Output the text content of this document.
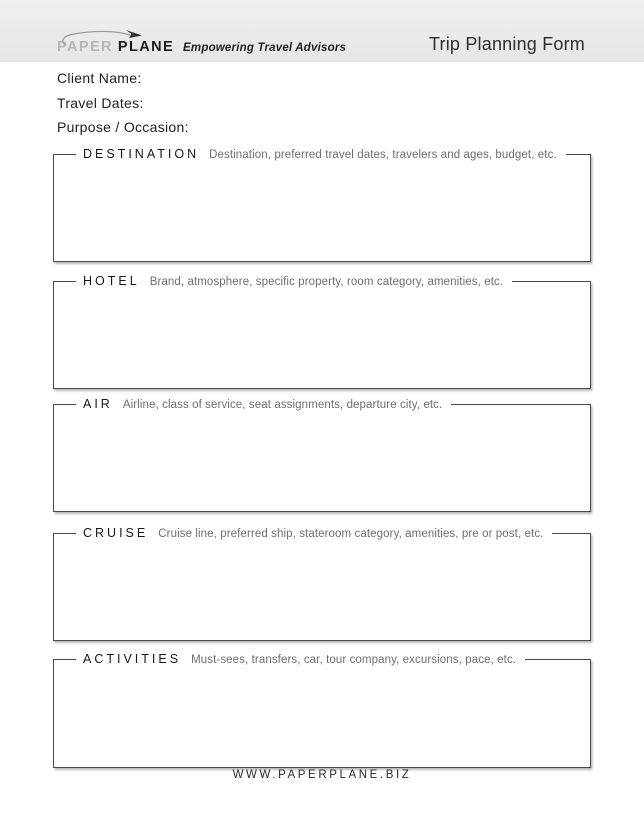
PAPER PLANE Empowering Travel Advisors	Trip Planning Form
Client Name:
Travel Dates:
Purpose / Occasion:
DESTINATION Destination, preferred travel dates, travelers and ages, budget, etc.
HOTEL Brand, atmosphere, specific property, room category, amenities, etc.
AIR Airline, class of service, seat assignments, departure city, etc.
CRUISE Cruise line, preferred ship, stateroom category, amenities, pre or post, etc.
ACTIVITIES Must-sees, transfers, car, tour company, excursions, pace, etc.
WWW.PAPERPLANE.BIZ
